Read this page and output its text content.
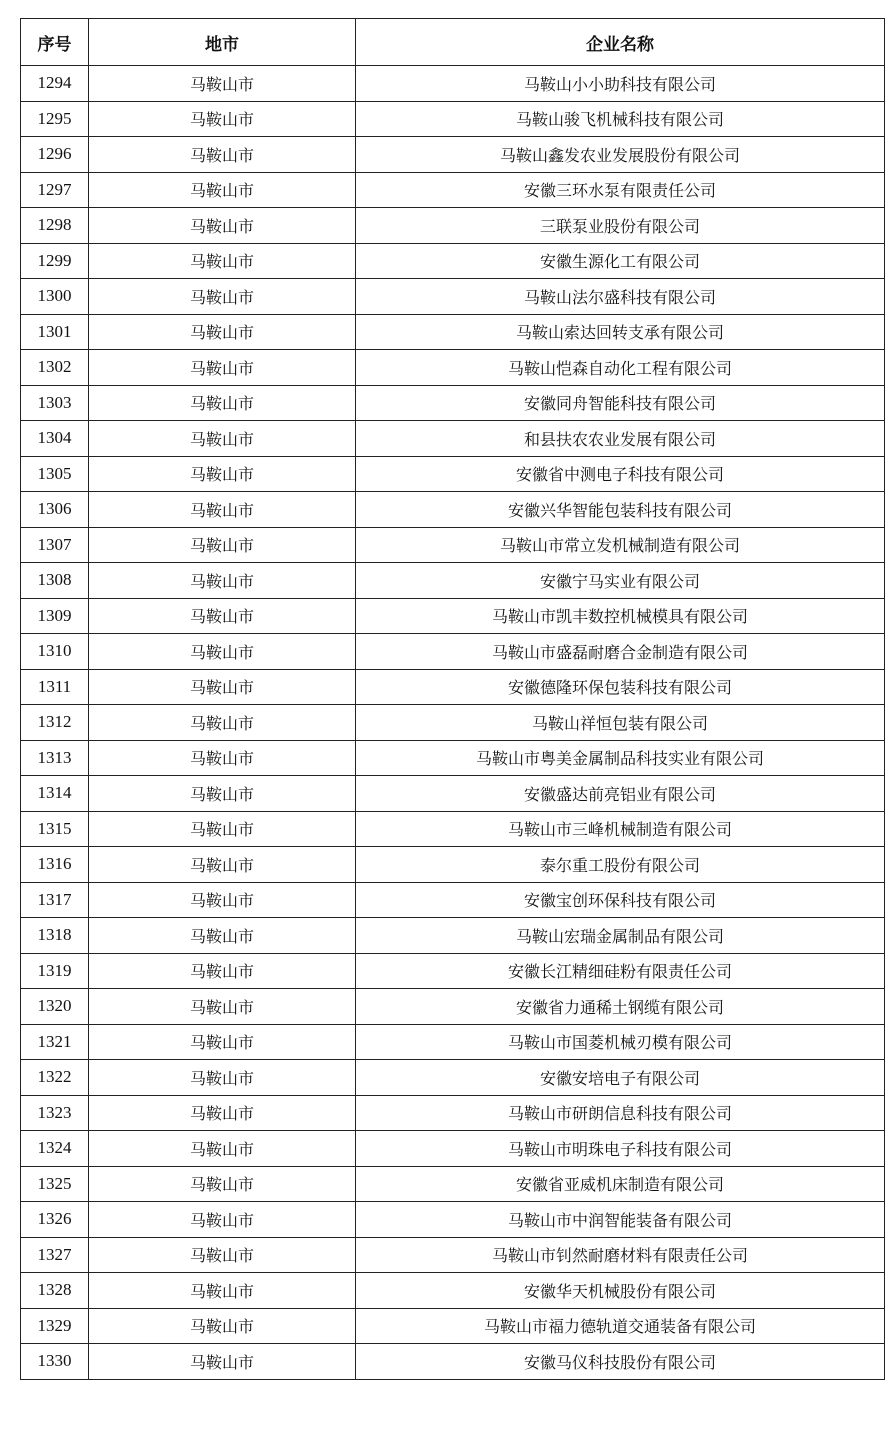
序号	地市	企业名称
1294	马鞍山市	马鞍山小小助科技有限公司
1295	马鞍山市	马鞍山骏飞机械科技有限公司
1296	马鞍山市	马鞍山鑫发农业发展股份有限公司
1297	马鞍山市	安徽三环水泵有限责任公司
1298	马鞍山市	三联泵业股份有限公司
1299	马鞍山市	安徽生源化工有限公司
1300	马鞍山市	马鞍山法尔盛科技有限公司
1301	马鞍山市	马鞍山索达回转支承有限公司
1302	马鞍山市	马鞍山恺森自动化工程有限公司
1303	马鞍山市	安徽同舟智能科技有限公司
1304	马鞍山市	和县扶农农业发展有限公司
1305	马鞍山市	安徽省中测电子科技有限公司
1306	马鞍山市	安徽兴华智能包装科技有限公司
1307	马鞍山市	马鞍山市常立发机械制造有限公司
1308	马鞍山市	安徽宁马实业有限公司
1309	马鞍山市	马鞍山市凯丰数控机械模具有限公司
1310	马鞍山市	马鞍山市盛磊耐磨合金制造有限公司
1311	马鞍山市	安徽德隆环保包装科技有限公司
1312	马鞍山市	马鞍山祥恒包装有限公司
1313	马鞍山市	马鞍山市粤美金属制品科技实业有限公司
1314	马鞍山市	安徽盛达前亮铝业有限公司
1315	马鞍山市	马鞍山市三峰机械制造有限公司
1316	马鞍山市	泰尔重工股份有限公司
1317	马鞍山市	安徽宝创环保科技有限公司
1318	马鞍山市	马鞍山宏瑞金属制品有限公司
1319	马鞍山市	安徽长江精细硅粉有限责任公司
1320	马鞍山市	安徽省力通稀土钢缆有限公司
1321	马鞍山市	马鞍山市国菱机械刃模有限公司
1322	马鞍山市	安徽安培电子有限公司
1323	马鞍山市	马鞍山市研朗信息科技有限公司
1324	马鞍山市	马鞍山市明珠电子科技有限公司
1325	马鞍山市	安徽省亚威机床制造有限公司
1326	马鞍山市	马鞍山市中润智能装备有限公司
1327	马鞍山市	马鞍山市钊然耐磨材料有限责任公司
1328	马鞍山市	安徽华天机械股份有限公司
1329	马鞍山市	马鞍山市福力德轨道交通装备有限公司
1330	马鞍山市	安徽马仪科技股份有限公司
